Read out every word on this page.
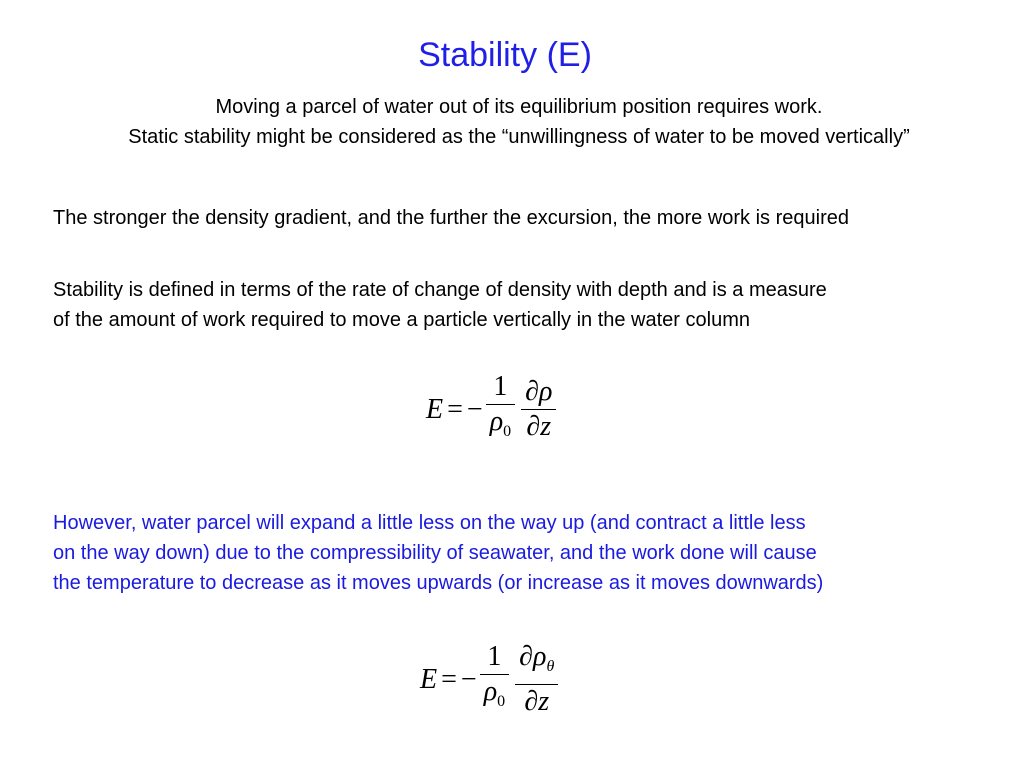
Stability (E)
Moving a parcel of water out of its equilibrium position requires work.
Static stability might be considered as the “unwillingness of water to be moved vertically”
The stronger the density gradient, and the further the excursion, the more work is required
Stability is defined in terms of the rate of change of density with depth and is a measure
of the amount of work required to move a particle vertically in the water column
E = − $\frac{1}{\rho_0} \frac{\partial\rho}{\partial z}$
However, water parcel will expand a little less on the way up (and contract a little less
on the way down) due to the compressibility of seawater, and the work done will cause
the temperature to decrease as it moves upwards (or increase as it moves downwards)
E = − $\frac{1}{\rho_0} \frac{\partial\rho_\theta}{\partial z}$
